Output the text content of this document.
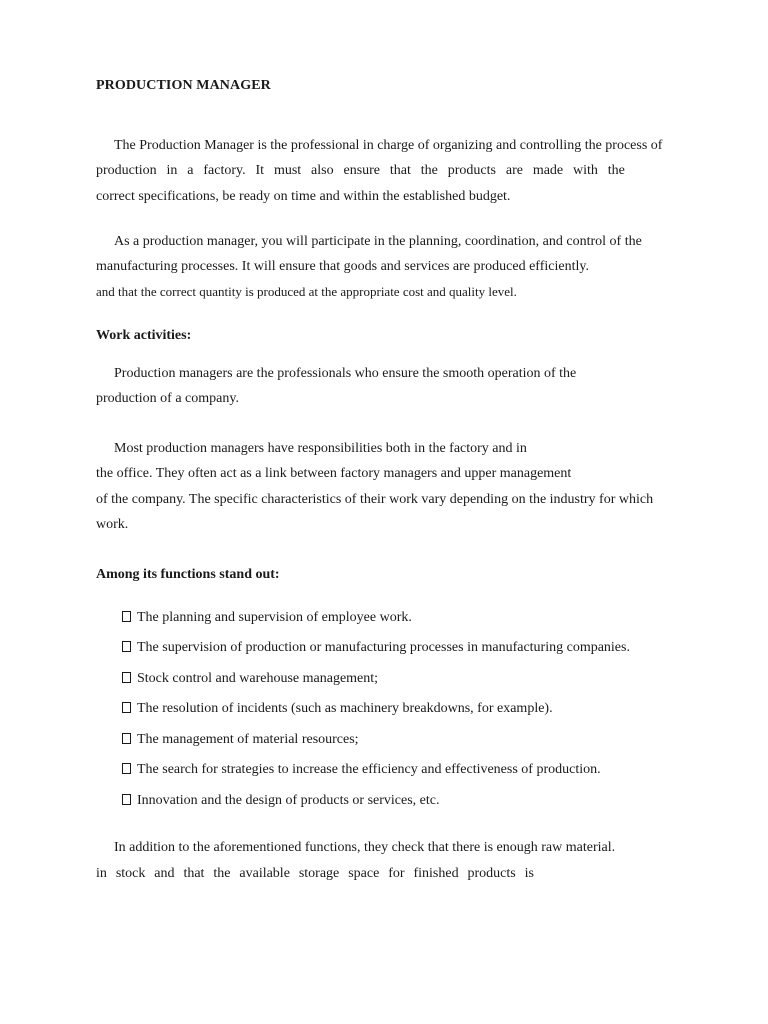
PRODUCTION MANAGER
The Production Manager is the professional in charge of organizing and controlling the process of
production in a factory. It must also ensure that the products are made with the
correct specifications, be ready on time and within the established budget.
As a production manager, you will participate in the planning, coordination, and control of the
manufacturing processes. It will ensure that goods and services are produced efficiently.
and that the correct quantity is produced at the appropriate cost and quality level.
Work activities:
Production managers are the professionals who ensure the smooth operation of the
production of a company.
Most production managers have responsibilities both in the factory and in
the office. They often act as a link between factory managers and upper management
of the company. The specific characteristics of their work vary depending on the industry for which
work.
Among its functions stand out:
The planning and supervision of employee work.
The supervision of production or manufacturing processes in manufacturing companies.
Stock control and warehouse management;
The resolution of incidents (such as machinery breakdowns, for example).
The management of material resources;
The search for strategies to increase the efficiency and effectiveness of production.
Innovation and the design of products or services, etc.
In addition to the aforementioned functions, they check that there is enough raw material.
in stock and that the available storage space for finished products is
